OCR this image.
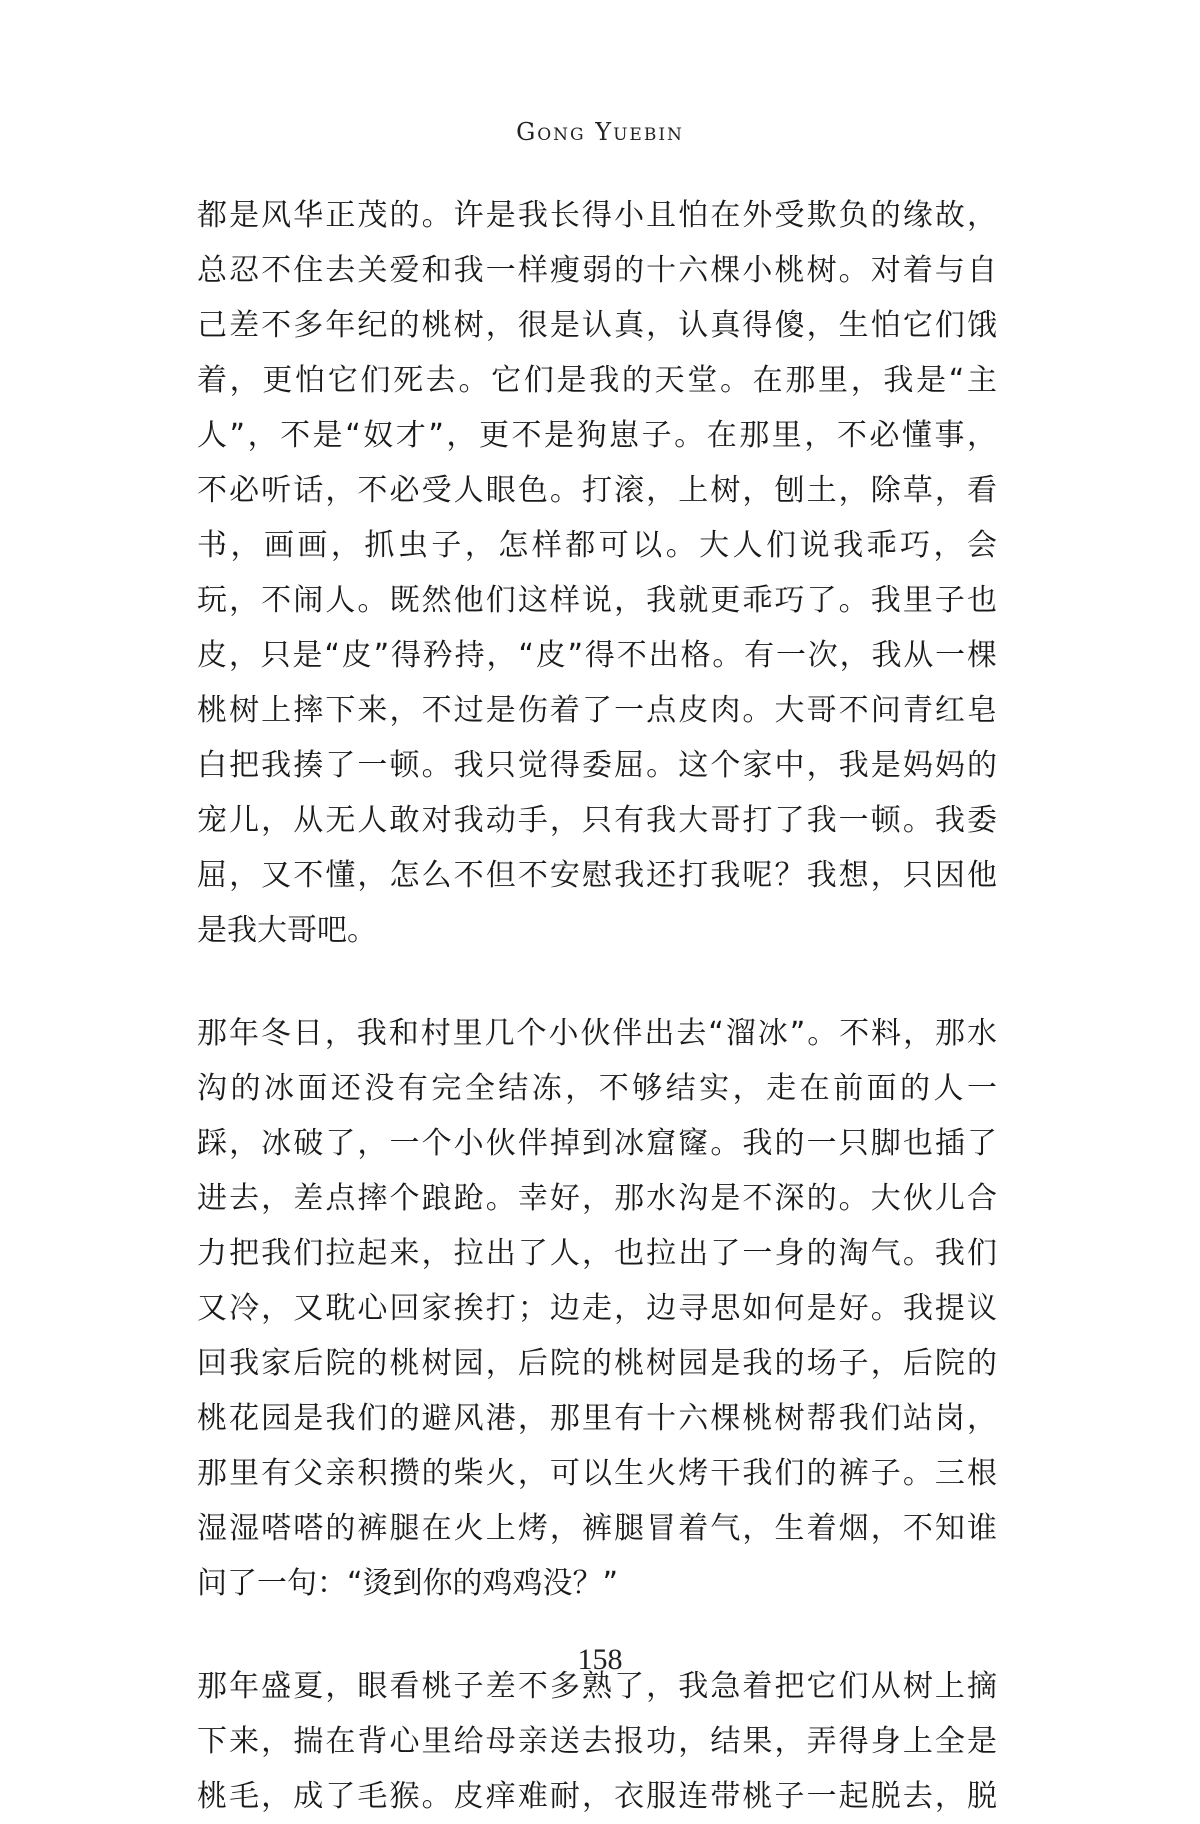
Gong Yuebin
都是风华正茂的。许是我长得小且怕在外受欺负的缘故，
总忍不住去关爱和我一样瘦弱的十六棵小桃树。对着与自
己差不多年纪的桃树，很是认真，认真得傻，生怕它们饿
着，更怕它们死去。它们是我的天堂。在那里，我是“主
人”，不是“奴才”，更不是狗崽子。在那里，不必懂事，
不必听话，不必受人眼色。打滚，上树，刨土，除草，看
书，画画，抓虫子，怎样都可以。大人们说我乖巧，会
玩，不闹人。既然他们这样说，我就更乖巧了。我里子也
皮，只是“皮”得矜持，“皮”得不出格。有一次，我从一棵
桃树上摔下来，不过是伤着了一点皮肉。大哥不问青红皂
白把我揍了一顿。我只觉得委屈。这个家中，我是妈妈的
宠儿，从无人敢对我动手，只有我大哥打了我一顿。我委
屈，又不懂，怎么不但不安慰我还打我呢？我想，只因他
是我大哥吧。
那年冬日，我和村里几个小伙伴出去“溜冰”。不料，那水
沟的冰面还没有完全结冻，不够结实，走在前面的人一
踩，冰破了，一个小伙伴掉到冰窟窿。我的一只脚也插了
进去，差点摔个踉跄。幸好，那水沟是不深的。大伙儿合
力把我们拉起来，拉出了人，也拉出了一身的淘气。我们
又冷，又耽心回家挨打；边走，边寻思如何是好。我提议
回我家后院的桃树园，后院的桃树园是我的场子，后院的
桃花园是我们的避风港，那里有十六棵桃树帮我们站岗，
那里有父亲积攒的柴火，可以生火烤干我们的裤子。三根
湿湿嗒嗒的裤腿在火上烤，裤腿冒着气，生着烟，不知谁
问了一句：“烫到你的鸡鸡没？”
那年盛夏，眼看桃子差不多熟了，我急着把它们从树上摘
下来，揣在背心里给母亲送去报功，结果，弄得身上全是
桃毛，成了毛猴。皮痒难耐，衣服连带桃子一起脱去，脱
158
